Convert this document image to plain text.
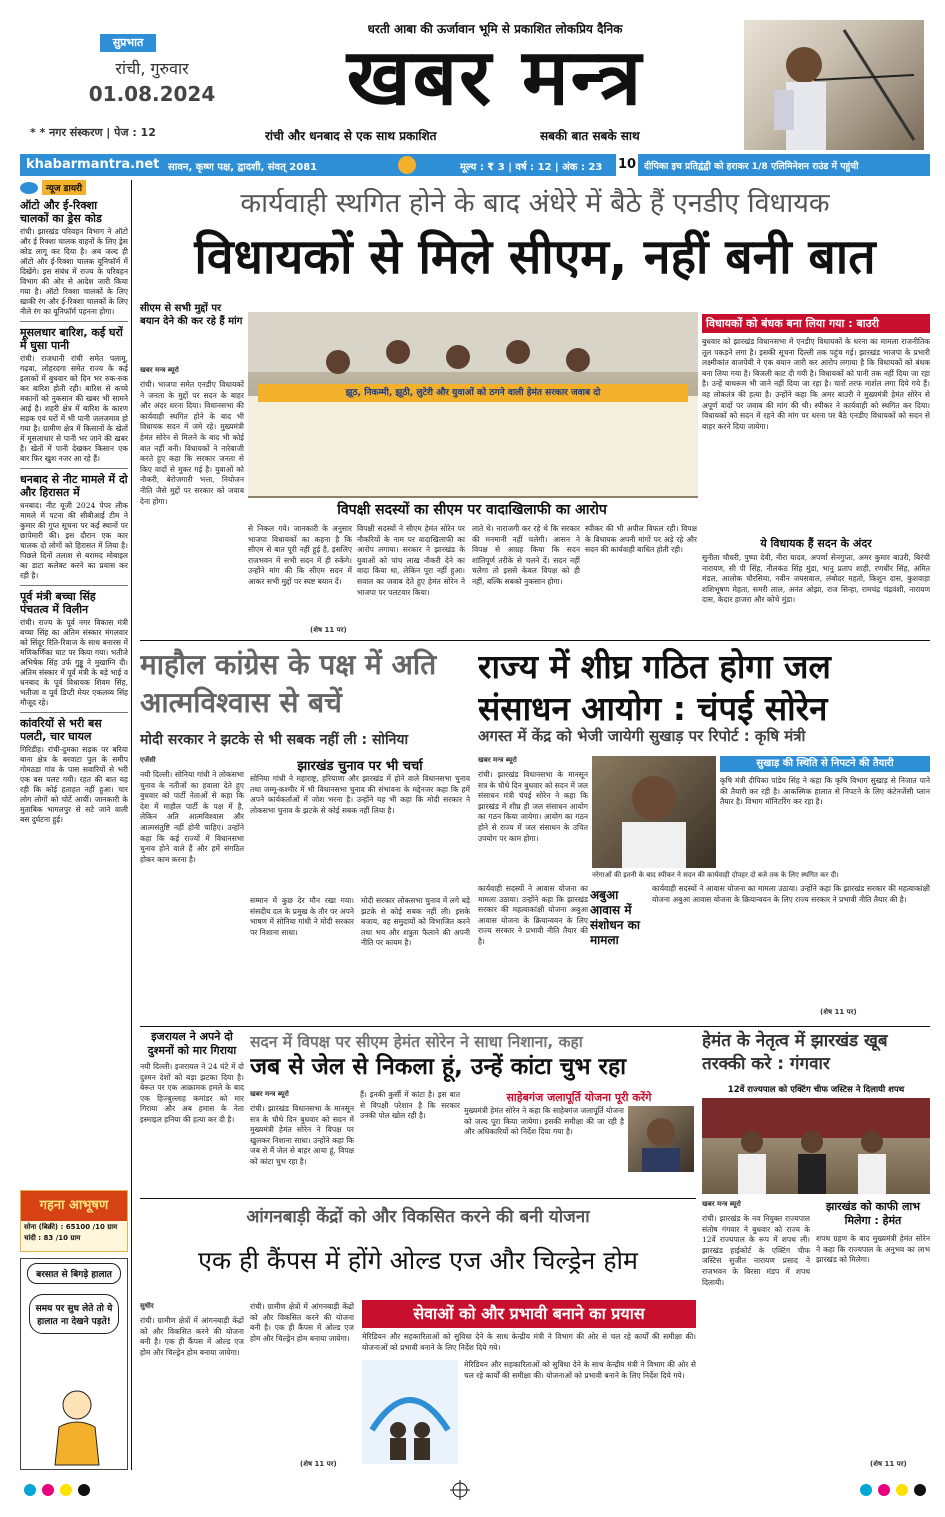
सुप्रभात
रांची, गुरुवार
01.08.2024
* * नगर संस्करण | पेज : 12
धरती आबा की ऊर्जावान भूमि से प्रकाशित लोकप्रिय दैनिक
खबर मन्त्र
रांची और धनबाद से एक साथ प्रकाशित	सबकी बात सबके साथ
khabarmantra.net सावन, कृष्ण पक्ष, द्वादशी, संवत् 2081	मूल्य : ₹ 3 | वर्ष : 12 | अंक : 23	10 दीपिका इच प्रतिद्वंद्वी को हराकर 1/8 एलिमिनेशन राउंड में पहुंची
न्यूज डायरी
ऑटो और ई-रिक्शा चालकों का ड्रेस कोड
रांची। झारखंड परिवहन विभाग ने ऑटो और ई रिक्शा चालक वाहनों के लिए ड्रेस कोड लागू कर दिया है। अब जल्द ही ऑटो और ई-रिक्शा चालक यूनिफॉर्म में दिखेंगे। इस संबंध में राज्य के परिवहन विभाग की ओर से आदेश जारी किया गया है। ऑटो रिक्शा चालकों के लिए खाकी रंग और ई-रिक्शा चालकों के लिए नीले रंग का यूनिफॉर्म पहनना होगा।
मूसलधार बारिश, कई घरों में घुसा पानी
रांची। राजधानी रांची समेत पलामू, गढ़वा, लोहरदगा समेत राज्य के कई इलाकों में बुधवार को दिन भर रुक-रुक कर बारिश होती रही। बारिश से कच्चे मकानों को नुकसान की खबर भी सामने आई है। शहरी क्षेत्र में बारिश के कारण सड़क एवं घरों में भी पानी जलजमाव हो गया है। ग्रामीण क्षेत्र में किसानों के खेतों में मूसलाधार से पानी भर जाने की खबर है। खेतों में पानी देखकर किसान एक बार फिर खुश नजर आ रहे हैं।
धनबाद से नीट मामले में दो और हिरासत में
धनबाद। नीट यूजी 2024 पेपर लीक मामले में पटना की सीबीआई टीम ने कुमार की गुप्त सूचना पर कई स्थानों पर छापेमारी की। इस दौरान एक कार चालक दो लोगों को हिरासत में लिया है। पिछले दिनों तलाश से बरामद मोबाइल का डाटा कलेक्ट करने का प्रयास कर रही है।
पूर्व मंत्री बच्चा सिंह पंचतत्व में विलीन
रांची। राज्य के पूर्व नगर विकास मंत्री बच्चा सिंह का अंतिम संस्कार मंगलवार को सिंदूर रिति-रिवाज के साथ बनारस में मणिकर्णिका घाट पर किया गया। भतीजे अभिषेक सिंह उर्फ गुड्डू ने मुखाग्नि दी। अंतिम संस्कार में पूर्व मंत्री के बड़े भाई व धनबाद के पूर्व विधायक शिवम सिंह, भतीजा व पूर्व डिप्टी मेयर एकलव्य सिंह मौजूद रहे।
कांवरियों से भरी बस पलटी, चार घायल
गिरिडीह। रांची-दुमका सड़क पर बरिया बाना क्षेत्र के बरवाटा पुल के समीप गोमठडा गांव के पास सवारियों से भरी एक बस पलट गयी। रहत की बात यह रही कि कोई हताहत नहीं हुआ। चार लोग लोगों को चोटें आयीं। जानकारी के मुताबिक भागलपुर से सटे जाने वाली बस दुर्घटना हुई।
गहना आभूषण
सोना (बिक्री) : 65100 /10 ग्राम
चांदी : 83 /10 ग्राम
बरसात से बिगड़े हालात
समय पर सुध लेते तो ये हालात ना देखने पड़ते!
कार्यवाही स्थगित होने के बाद अंधेरे में बैठे हैं एनडीए विधायक
विधायकों से मिले सीएम, नहीं बनी बात
सीएम से सभी मुद्दों पर बयान देने की कर रहे हैं मांग
खबर मन्त्र ब्यूरो
रांची। भाजपा समेत एनडीए विधायकों ने जनता के मुद्दों पर सदन के बाहर और अंदर धरना दिया। विधानसभा की कार्यवाही स्थगित होने के बाद भी विधायक सदन में जमे रहे। मुख्यमंत्री हेमंत सोरेन से मिलने के बाद भी कोई बात नहीं बनी। विधायकों ने नारेबाजी करते हुए कहा कि सरकार जनता से किए वादों से मुकर गई है। युवाओं को नौकरी, बेरोजगारी भत्ता, नियोजन नीति जैसे मुद्दों पर सरकार को जवाब देना होगा।
झूठ, निकम्मी, झूठी, लुटेरी और युवाओं को ठगने वाली हेमंत सरकार जवाब दो
विपक्षी सदस्यों का सीएम पर वादाखिलाफी का आरोप
से निकल गये। जानकारी के अनुसार भाजपा विधायकों का कहना है कि सीएम से बात पूरी नहीं हुई है, इसलिए राजभवन में सभी सदन में ही रुकेंगे। उन्होंने मांग की कि सीएम सदन में आकर सभी मुद्दों पर स्पष्ट बयान दें।
विपक्षी सदस्यों ने सीएम हेमंत सोरेन पर नौकरियों के नाम पर वादाखिलाफी का आरोप लगाया। सरकार ने झारखंड के युवाओं को पांच लाख नौकरी देने का वादा किया था, लेकिन पूरा नहीं हुआ। सवाल का जवाब देते हुए हेमंत सोरेन ने भाजपा पर पलटवार किया।
लाते थे। नाराजगी कर रहे थे कि सरकार की मनमानी नहीं चलेगी। आसन ने विपक्ष से आग्रह किया कि सदन शांतिपूर्ण तरीके से चलने दें। सदन नहीं चलेगा तो इससे केवल विपक्ष को ही नहीं, बल्कि सबको नुकसान होगा।
स्पीकर की भी अपील विफल रही। विपक्ष के विधायक अपनी मांगों पर अड़े रहे और सदन की कार्यवाही बाधित होती रही।
(शेष 11 पर)
विधायकों को बंधक बना लिया गया : बाउरी
बुधवार को झारखंड विधानसभा में एनडीए विधायकों के धरना का मामला राजनीतिक तूल पकड़ने लगा है। इसकी सूचना दिल्ली तक पहुंच गई। झारखंड भाजपा के प्रभारी लक्ष्मीकांत वाजपेयी ने एक बयान जारी कर आरोप लगाया है कि विधायकों को बंधक बना लिया गया है। बिजली काट दी गयी है। विधायकों को पानी तक नहीं दिया जा रहा है। उन्हें बाथरूम भी जाने नहीं दिया जा रहा है। चारों तरफ मार्शल लगा दिये गये हैं। वह लोकतंत्र की हत्या है। उन्होंने कहा कि अमर बाउरी ने मुख्यमंत्री हेमंत सोरेन से अपूर्ण वादों पर जवाब की मांग की थी। स्पीकर ने कार्यवाही को स्थगित कर दिया। विधायकों को सदन में रहने की मांग पर धरना पर बैठे एनडीए विधायकों को सदन से बाहर करने दिया जायेगा।
ये विधायक हैं सदन के अंदर
सुनीता चौधरी, पुष्पा देवी, नीरा यादव, अपर्णा सेनगुप्ता, अमर कुमार बाउरी, बिरंची नारायण, सी पी सिंह, नीलकंठ सिंह मुंडा, भानु प्रताप शाही, रणधीर सिंह, अमित मंडल, आलोक चौरसिया, नवीन जयसवाल, लंबोदर महतो, किशुन दास, कुशवाहा शशिभूषण मेहता, समरी लाल, अनंत ओझा, राज सिन्हा, रामचंद्र चंद्रवंशी, नारायण दास, केदार हाजरा और कोचे मुंडा।
माहौल कांग्रेस के पक्ष में अति आत्मविश्वास से बचें
मोदी सरकार ने झटके से भी सबक नहीं ली : सोनिया
एजेंसी
नयी दिल्ली। सोनिया गांधी ने लोकसभा चुनाव के नतीजों का हवाला देते हुए बुधवार को पार्टी नेताओं से कहा कि देश में माहौल पार्टी के पक्ष में है, लेकिन अति आत्मविश्वास और आत्मसंतुष्टि नहीं होनी चाहिए। उन्होंने कहा कि कई राज्यों में विधानसभा चुनाव होने वाले हैं और हमें संगठित होकर काम करना है।
झारखंड चुनाव पर भी चर्चा
सोनिया गांधी ने महाराष्ट्र, हरियाणा और झारखंड में होने वाले विधानसभा चुनाव तथा जम्मू-कश्मीर में भी विधानसभा चुनाव की संभावना के मद्देनजर कहा कि हमें अपने कार्यकर्ताओं में जोश भरना है। उन्होंने यह भी कहा कि मोदी सरकार ने लोकसभा चुनाव के झटके से कोई सबक नहीं लिया है।
सम्मान में कुछ देर मौन रखा गया। संसदीय दल के प्रमुख के तौर पर अपने भाषण में सोनिया गांधी ने मोदी सरकार पर निशाना साधा।
मोदी सरकार लोकसभा चुनाव में लगे बड़े झटके से कोई सबक नहीं ली। इसके बजाय, वह समुदायों को विभाजित करने तथा भय और शत्रुता फैलाने की अपनी नीति पर कायम है।
राज्य में शीघ्र गठित होगा जल संसाधन आयोग : चंपई सोरेन
अगस्त में केंद्र को भेजी जायेगी सुखाड़ पर रिपोर्ट : कृषि मंत्री
खबर मन्त्र ब्यूरो
रांची। झारखंड विधानसभा के मानसून सत्र के चौथे दिन बुधवार को सदन में जल संसाधन मंत्री चंपई सोरेन ने कहा कि झारखंड में शीघ्र ही जल संसाधन आयोग का गठन किया जायेगा। आयोग का गठन होने से राज्य में जल संसाधन के उचित उपयोग पर काम होगा।
सुखाड़ की स्थिति से निपटने की तैयारी
कृषि मंत्री दीपिका पांडेय सिंह ने कहा कि कृषि विभाग सुखाड़ से निजात पाने की तैयारी कर रही है। आकस्मिक हालात से निपटने के लिए कंटेनजेंसी प्लान तैयार है। विभाग मॉनिटरिंग कर रहा है।
नरेगाओं की इतनी के बाद स्पीकर ने सदन की कार्यवाही दोपहर दो बजे तक के लिए स्थगित कर दी।
कार्यवाही सदस्यों ने आवास योजना का मामला उठाया। उन्होंने कहा कि झारखंड सरकार की महत्वाकांक्षी योजना अबुआ आवास योजना के क्रियान्वयन के लिए राज्य सरकार ने प्रभावी नीति तैयार की है।
अबुआ आवास में संशोधन का मामला
कार्यवाही सदस्यों ने आवास योजना का मामला उठाया। उन्होंने कहा कि झारखंड सरकार की महत्वाकांक्षी योजना अबुआ आवास योजना के क्रियान्वयन के लिए राज्य सरकार ने प्रभावी नीति तैयार की है।
(शेष 11 पर)
इजरायल ने अपने दो दुश्मनों को मार गिराया
नयी दिल्ली। इजरायल ने 24 घंटे में दो दुश्मन देशों को बड़ा झटका दिया है। बेरूत पर एक आक्रामक हमले के बाद एक हिज्बुल्लाह कमांडर को मार गिराया और अब हमास के नेता इस्माइल हनिया की हत्या कर दी है।
सदन में विपक्ष पर सीएम हेमंत सोरेन ने साधा निशाना, कहा
जब से जेल से निकला हूं, उन्हें कांटा चुभ रहा
खबर मन्त्र ब्यूरो
रांची। झारखंड विधानसभा के मानसून सत्र के चौथे दिन बुधवार को सदन में मुख्यमंत्री हेमंत सोरेन ने विपक्ष पर खुलकर निशाना साधा। उन्होंने कहा कि जब से मैं जेल से बाहर आया हूं, विपक्ष को कांटा चुभ रहा है।
हैं। इनकी कुर्सी में कांटा है। इस बात से विपक्षी परेशान है कि सरकार उनकी पोल खोल रही है।
साहेबगंज जलापूर्ति योजना पूरी करेंगे
मुख्यमंत्री हेमंत सोरेन ने कहा कि साहेबगंज जलापूर्ति योजना को जल्द पूरा किया जायेगा। इसकी समीक्षा की जा रही है और अधिकारियों को निर्देश दिया गया है।
हेमंत के नेतृत्व में झारखंड खूब तरक्की करे : गंगवार
12वें राज्यपाल को एक्टिंग चीफ जस्टिस ने दिलायी शपथ
खबर मन्त्र ब्यूरो
रांची। झारखंड के नव नियुक्त राज्यपाल संतोष गंगवार ने बुधवार को राज्य के 12वें राज्यपाल के रूप में शपथ ली। झारखंड हाईकोर्ट के एक्टिंग चीफ जस्टिस सुजीत नारायण प्रसाद ने राजभवन के बिरसा मंडप में शपथ दिलायी।
झारखंड को काफी लाभ मिलेगा : हेमंत
शपथ ग्रहण के बाद मुख्यमंत्री हेमंत सोरेन ने कहा कि राज्यपाल के अनुभव का लाभ झारखंड को मिलेगा।
(शेष 11 पर)
आंगनबाड़ी केंद्रों को और विकसित करने की बनी योजना
एक ही कैंपस में होंगे ओल्ड एज और चिल्ड्रेन होम
सुधीर
रांची। ग्रामीण क्षेत्रों में आंगनबाड़ी केंद्रों को और विकसित करने की योजना बनी है। एक ही कैंपस में ओल्ड एज होम और चिल्ड्रेन होम बनाया जायेगा।
रांची। ग्रामीण क्षेत्रों में आंगनबाड़ी केंद्रों को और विकसित करने की योजना बनी है। एक ही कैंपस में ओल्ड एज होम और चिल्ड्रेन होम बनाया जायेगा।
(शेष 11 पर)
सेवाओं को और प्रभावी बनाने का प्रयास
मेरिडियन और सहकारिताओं को सुविधा देने के साथ केन्द्रीय मंत्री ने विभाग की ओर से चल रहे कार्यों की समीक्षा की। योजनाओं को प्रभावी बनाने के लिए निर्देश दिये गये।
मेरिडियन और सहकारिताओं को सुविधा देने के साथ केन्द्रीय मंत्री ने विभाग की ओर से चल रहे कार्यों की समीक्षा की। योजनाओं को प्रभावी बनाने के लिए निर्देश दिये गये।
